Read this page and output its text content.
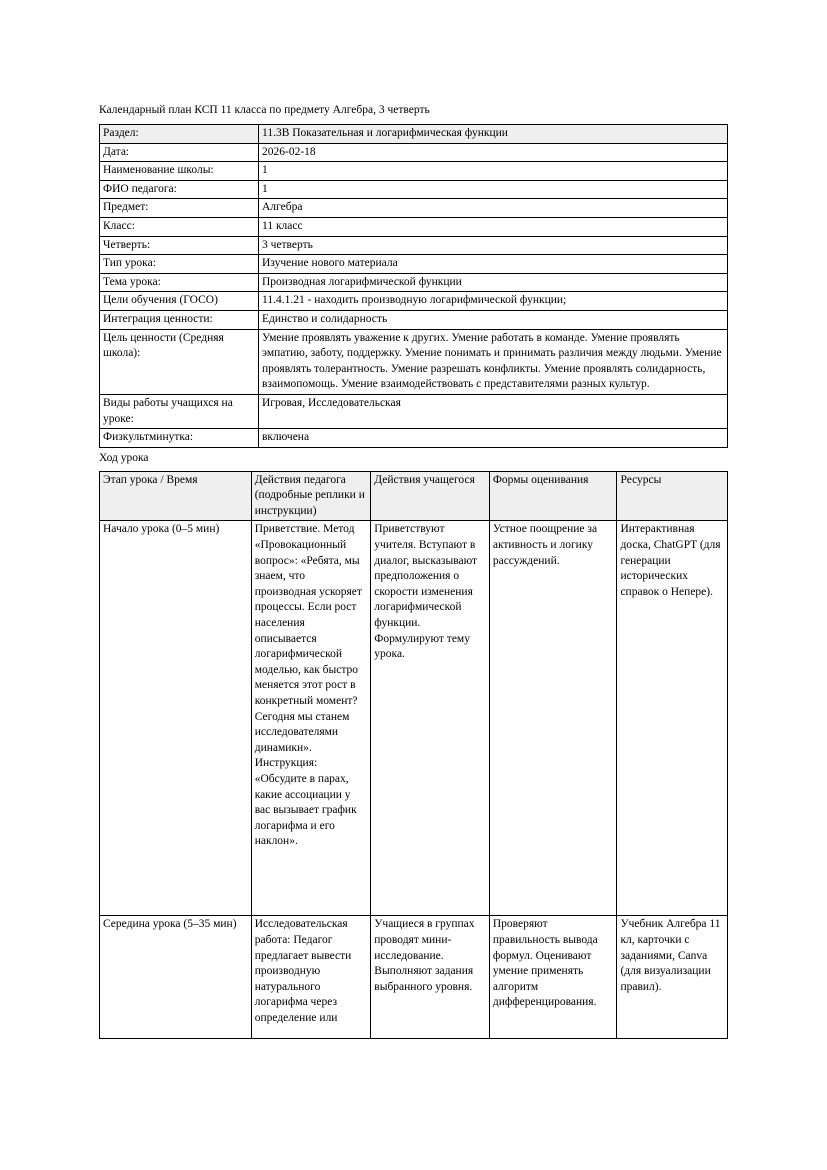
Календарный план КСП 11 класса по предмету Алгебра, 3 четверть

Раздел:	11.3В Показательная и логарифмическая функции
Дата:	2026-02-18
Наименование школы:	1
ФИО педагога:	1
Предмет:	Алгебра
Класс:	11 класс
Четверть:	3 четверть
Тип урока:	Изучение нового материала
Тема урока:	Производная логарифмической функции
Цели обучения (ГОСО)	11.4.1.21 - находить производную логарифмической функции;
Интеграция ценности:	Единство и солидарность
Цель ценности (Средняя школа):	Умение проявлять уважение к других. Умение работать в команде. Умение проявлять эмпатию, заботу, поддержку. Умение понимать и принимать различия между людьми. Умение проявлять толерантность. Умение разрешать конфликты. Умение проявлять солидарность, взаимопомощь. Умение взаимодействовать с представителями разных культур.
Виды работы учащихся на уроке:	Игровая, Исследовательская
Физкультминутка:	включена

Ход урока

Этап урока / Время	Действия педагога (подробные реплики и инструкции)	Действия учащегося	Формы оценивания	Ресурсы
Начало урока (0–5 мин)	Приветствие. Метод «Провокационный вопрос»: «Ребята, мы знаем, что производная ускоряет процессы. Если рост населения описывается логарифмической моделью, как быстро меняется этот рост в конкретный момент? Сегодня мы станем исследователями динамики». Инструкция: «Обсудите в парах, какие ассоциации у вас вызывает график логарифма и его наклон».	Приветствуют учителя. Вступают в диалог, высказывают предположения о скорости изменения логарифмической функции. Формулируют тему урока.	Устное поощрение за активность и логику рассуждений.	Интерактивная доска, ChatGPT (для генерации исторических справок о Непере).
Середина урока (5–35 мин)	Исследовательская работа: Педагог предлагает вывести производную натурального логарифма через определение или	Учащиеся в группах проводят мини-исследование. Выполняют задания выбранного уровня.	Проверяют правильность вывода формул. Оценивают умение применять алгоритм дифференцирования.	Учебник Алгебра 11 кл, карточки с заданиями, Canva (для визуализации правил).
